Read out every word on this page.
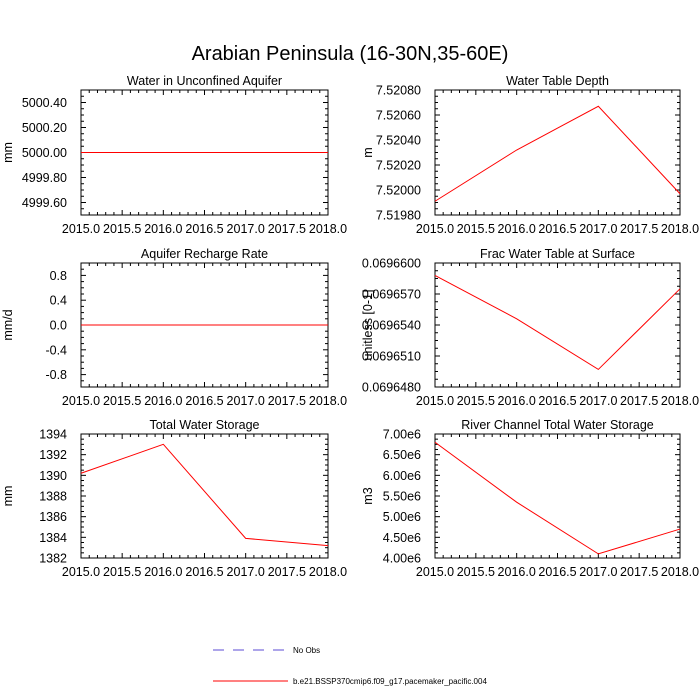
Arabian Peninsula (16-30N,35-60E)
Water in Unconfined Aquifer
mm
2015.0 2015.5 2016.0 2016.5 2017.0 2017.5 2018.0
4999.60
4999.80
5000.00
5000.20
5000.40
Water Table Depth
m
2015.0 2015.5 2016.0 2016.5 2017.0 2017.5 2018.0
7.51980
7.52000
7.52020
7.52040
7.52060
7.52080
Aquifer Recharge Rate
mm/d
2015.0 2015.5 2016.0 2016.5 2017.0 2017.5 2018.0
-0.8
-0.4
0.0
0.4
0.8
Frac Water Table at Surface
unitless [0-1]
2015.0 2015.5 2016.0 2016.5 2017.0 2017.5 2018.0
0.0696480
0.0696510
0.0696540
0.0696570
0.0696600
Total Water Storage
mm
2015.0 2015.5 2016.0 2016.5 2017.0 2017.5 2018.0
1382
1384
1386
1388
1390
1392
1394
River Channel Total Water Storage
m3
2015.0 2015.5 2016.0 2016.5 2017.0 2017.5 2018.0
4.00e6
4.50e6
5.00e6
5.50e6
6.00e6
6.50e6
7.00e6
No Obs
b.e21.BSSP370cmip6.f09_g17.pacemaker_pacific.004
